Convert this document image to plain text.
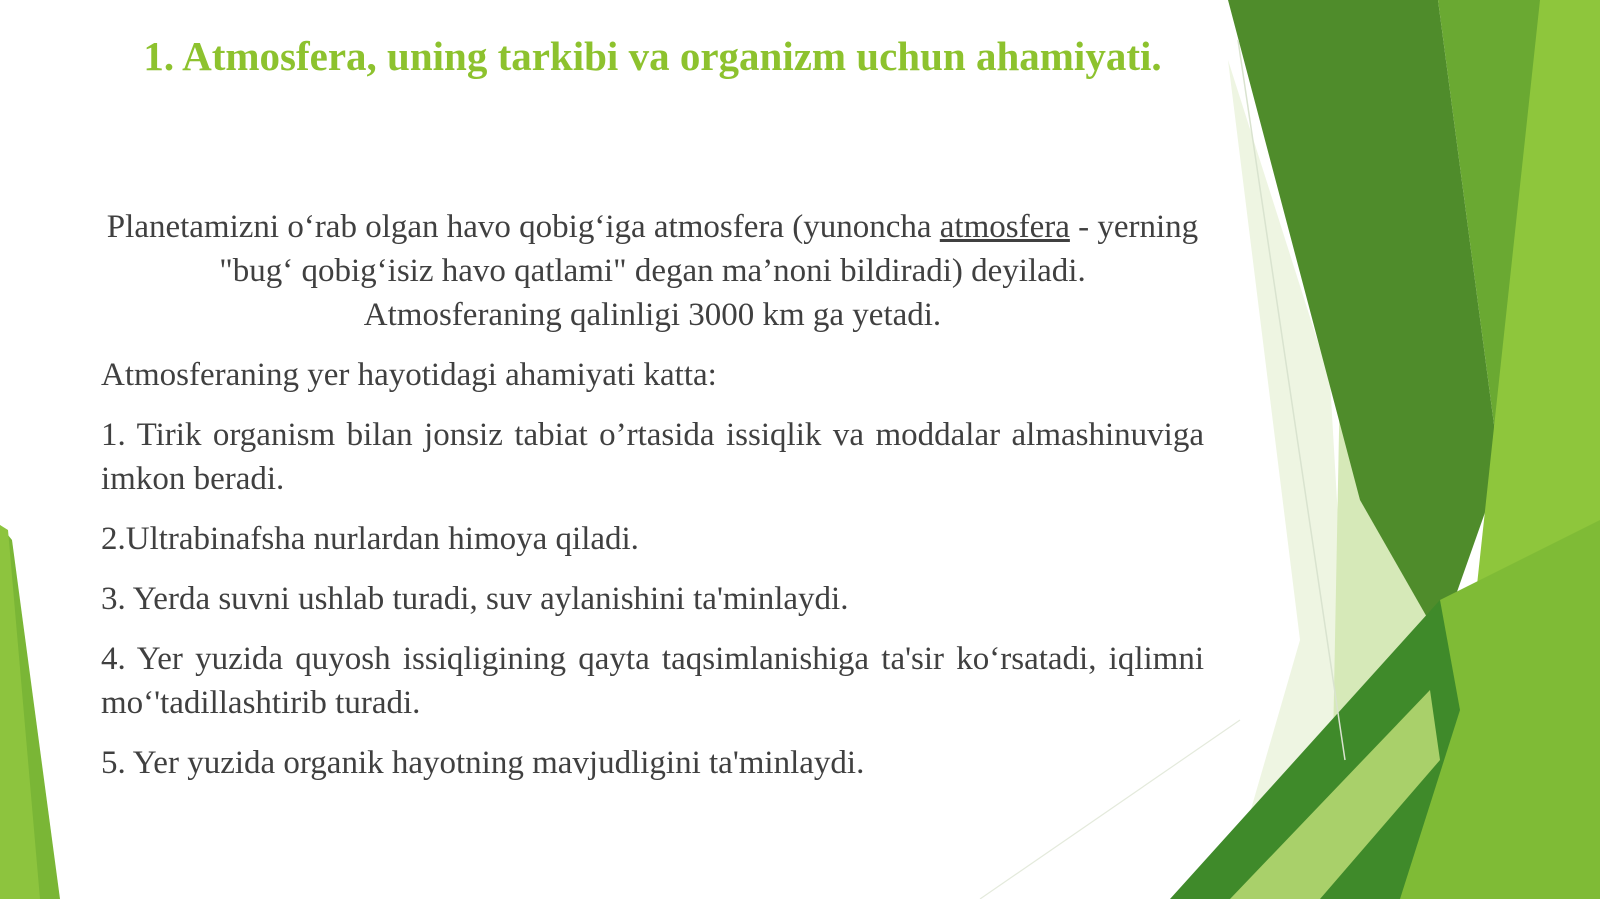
1. Atmosfera, uning tarkibi va organizm uchun ahamiyati.

Planetamizni o‘rab olgan havo qobig‘iga atmosfera (yunoncha atmosfera - yerning "bug‘ qobig‘isiz havo qatlami" degan ma’noni bildiradi) deyiladi.
Atmosferaning qalinligi 3000 km ga yetadi.

Atmosferaning yer hayotidagi ahamiyati katta:

1. Tirik organism bilan jonsiz tabiat o’rtasida issiqlik va moddalar almashinuviga imkon beradi.

2.Ultrabinafsha nurlardan himoya qiladi.

3. Yerda suvni ushlab turadi, suv aylanishini ta'minlaydi.

4. Yer yuzida quyosh issiqligining qayta taqsimlanishiga ta'sir ko‘rsatadi, iqlimni mo‘'tadillashtirib turadi.

5. Yer yuzida organik hayotning mavjudligini ta'minlaydi.
